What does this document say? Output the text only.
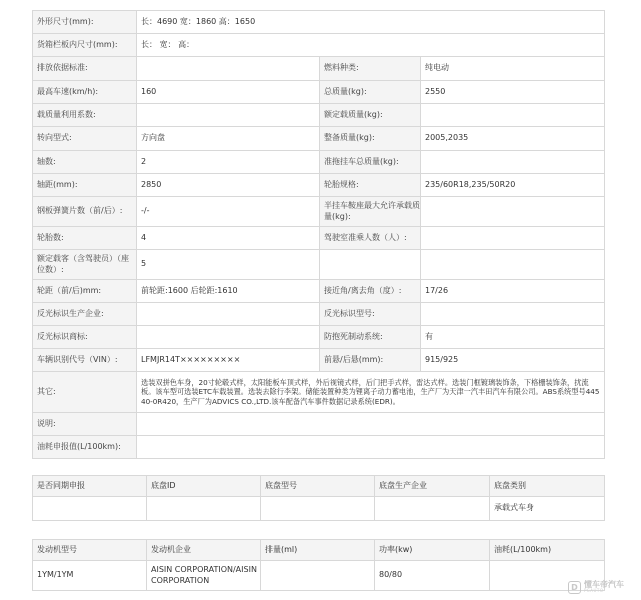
外形尺寸(mm):	长：4690 宽：1860 高：1650		
货箱栏板内尺寸(mm):	长： 宽： 高：		
排放依据标准:		燃料种类:	纯电动
最高车速(km/h):	160	总质量(kg):	2550
载质量利用系数:		额定载质量(kg):	
转向型式:	方向盘	整备质量(kg):	2005,2035
轴数:	2	准拖挂车总质量(kg):	
轴距(mm):	2850	轮胎规格:	235/60R18,235/50R20
钢板弹簧片数（前/后）:	-/-	半挂车鞍座最大允许承载质量(kg):	
轮胎数:	4	驾驶室准乘人数（人）:	
额定载客（含驾驶员）（座位数）:	5		
轮距（前/后)mm:	前轮距:1600 后轮距:1610	接近角/离去角（度）:	17/26
反光标识生产企业:		反光标识型号:	
反光标识商标:		防抱死制动系统:	有
车辆识别代号（VIN）:	LFMJR14T×××××××××	前悬/后悬(mm):	915/925
其它:	选装双拼色车身，20寸轮毂式样，太阳能板车顶式样，外后视镜式样，后门把手式样，雷达式样。选装门框镀璃装饰条，下格栅装饰条，扰流板。该车型可选装ETC车载装置。选装去除行李架。储能装置种类为锂离子动力蓄电池，生产厂为天津一汽丰田汽车有限公司。ABS系统型号44540-0R420，生产厂为ADVICS CO.,LTD.该车配备汽车事件数据记录系统(EDR)。		
说明:			
油耗申报值(L/100km):			
是否同期申报	底盘ID	底盘型号	底盘生产企业	底盘类别
				承载式车身
发动机型号	发动机企业	排量(ml)	功率(kw)	油耗(L/100km)
1YM/1YM	AISIN CORPORATION/AISIN CORPORATION		80/80	
D 懂车帝汽车
PCAUTO
